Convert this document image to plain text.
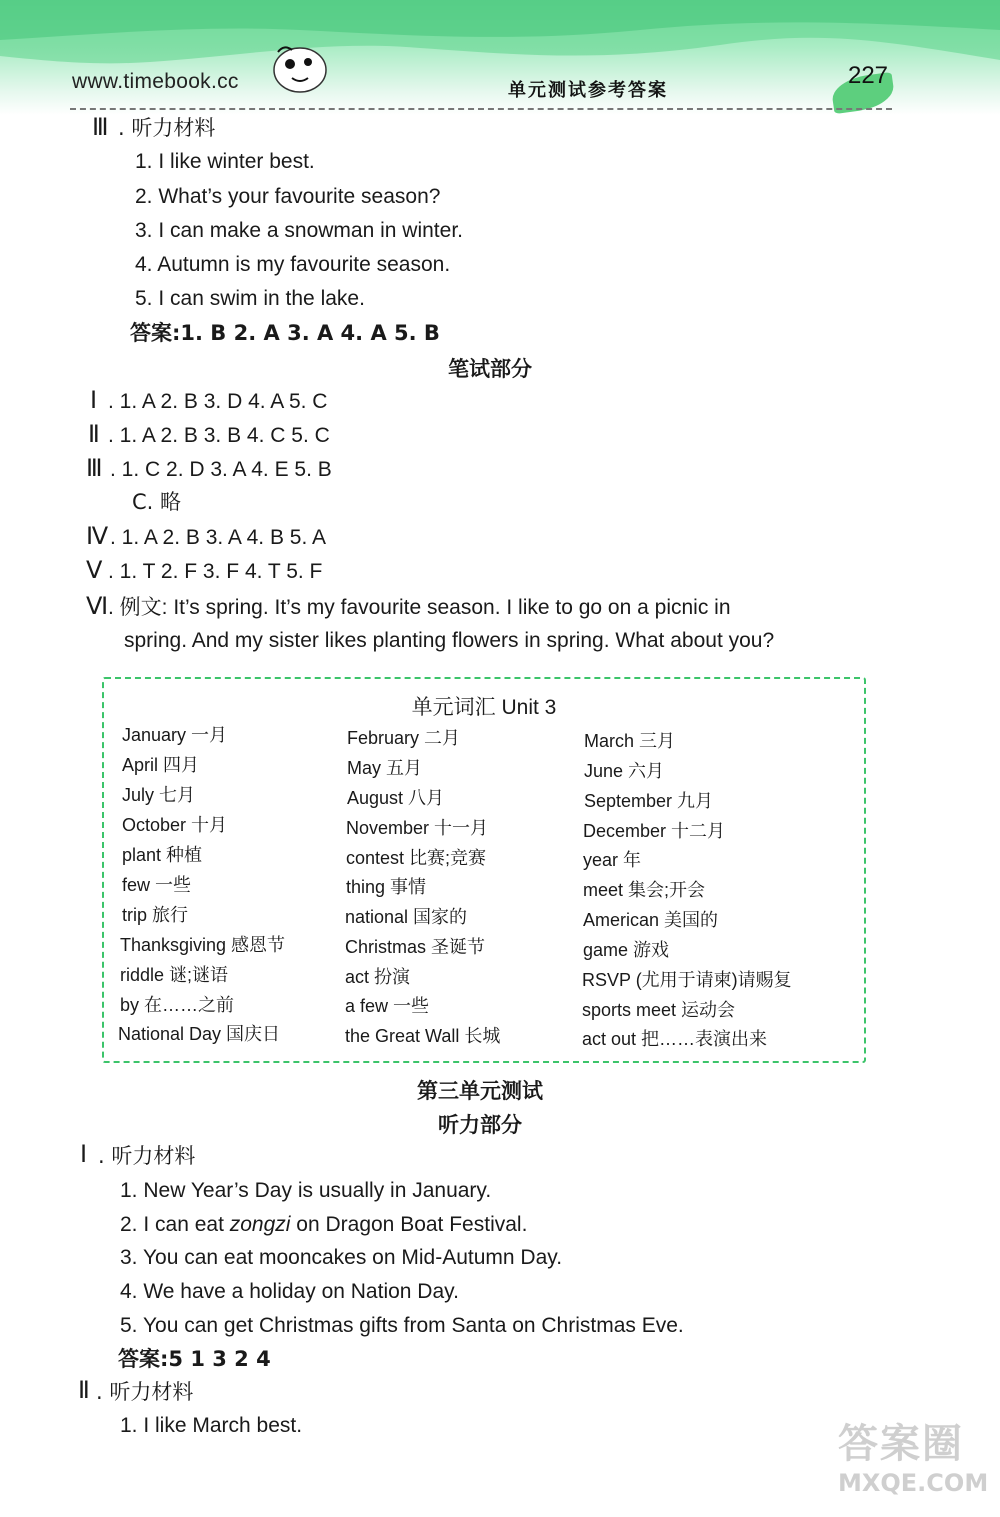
www.timebook.cc	单元测试参考答案
227
Ⅲ . 听力材料
1. I like winter best.
2. What’s your favourite season?
3. I can make a snowman in winter.
4. Autumn is my favourite season.
5. I can swim in the lake.
答案:1. B 2. A 3. A 4. A 5. B
笔试部分
Ⅰ . 1. A 2. B 3. D 4. A 5. C
Ⅱ . 1. A 2. B 3. B 4. C 5. C
Ⅲ . 1. C 2. D 3. A 4. E 5. B
C. 略
Ⅳ . 1. A 2. B 3. A 4. B 5. A
Ⅴ . 1. T 2. F 3. F 4. T 5. F
Ⅵ . 例文: It’s spring. It’s my favourite season. I like to go on a picnic in
spring. And my sister likes planting flowers in spring. What about you?
单元词汇 Unit 3
January 一月
April 四月
July 七月
October 十月
plant 种植
few 一些
trip 旅行
Thanksgiving 感恩节
riddle 谜;谜语
by 在……之前
National Day 国庆日
February 二月
May 五月
August 八月
November 十一月
contest 比赛;竞赛
thing 事情
national 国家的
Christmas 圣诞节
act 扮演
a few 一些
the Great Wall 长城
March 三月
June 六月
September 九月
December 十二月
year 年
meet 集会;开会
American 美国的
game 游戏
RSVP (尤用于请柬)请赐复
sports meet 运动会
act out 把……表演出来
第三单元测试
听力部分
Ⅰ . 听力材料
1. New Year’s Day is usually in January.
2. I can eat zongzi on Dragon Boat Festival.
3. You can eat mooncakes on Mid-Autumn Day.
4. We have a holiday on Nation Day.
5. You can get Christmas gifts from Santa on Christmas Eve.
答案:5 1 3 2 4
Ⅱ . 听力材料
1. I like March best.	答案圈
MXQE.COM
